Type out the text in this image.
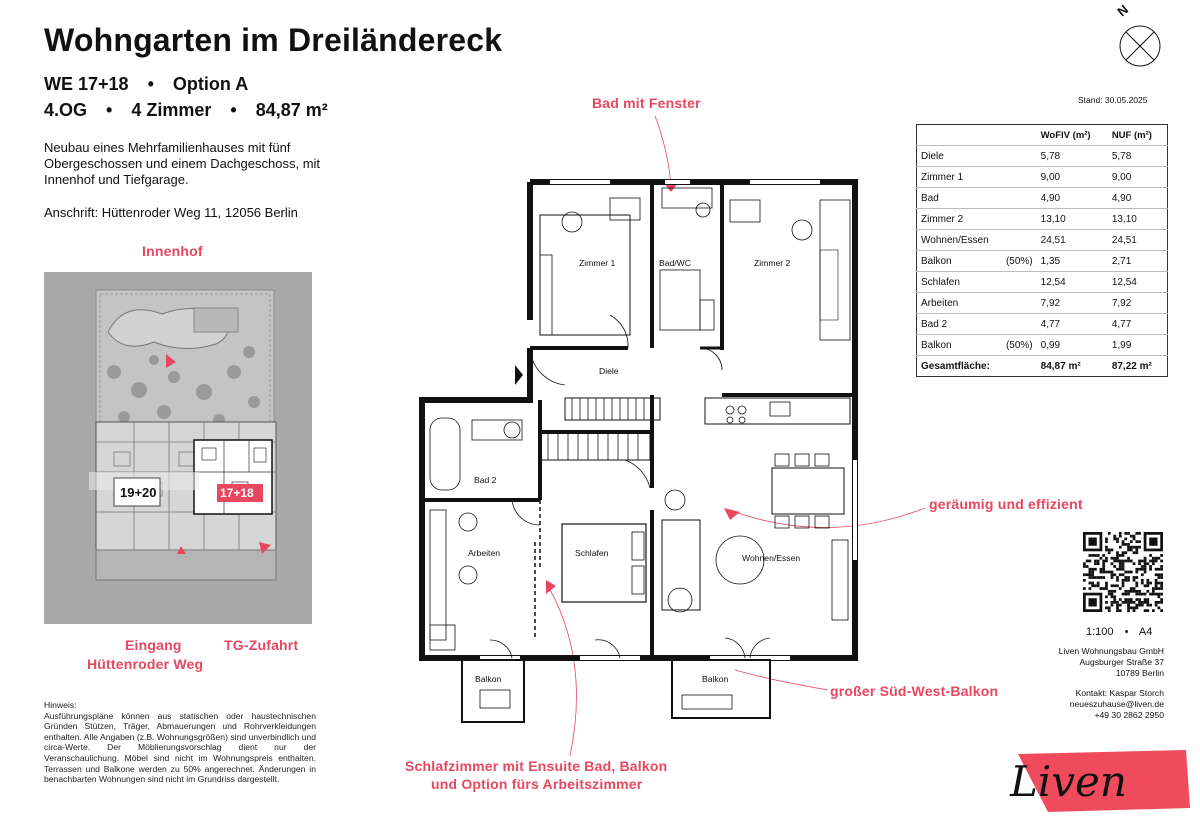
Wohngarten im Dreiländereck
WE 17+18 • Option A
4.OG • 4 Zimmer • 84,87 m²
Neubau eines Mehrfamilienhauses mit fünf Obergeschossen und einem Dachgeschoss, mit Innenhof und Tiefgarage.
Anschrift: Hüttenroder Weg 11, 12056 Berlin
Innenhof
19+20	17+18
Eingang
Hüttenroder Weg
TG-Zufahrt
Hinweis:
Ausführungspläne können aus statischen oder haustechnischen Gründen Stützen, Träger, Abmauerungen und Rohrverkleidungen enthalten. Alle Angaben (z.B. Wohnungsgrößen) sind unverbindlich und circa-Werte. Der Möblierungsvorschlag dient nur der Veranschaulichung. Möbel sind nicht im Wohnungspreis enthalten. Terrassen und Balkone werden zu 50% angerechnet. Änderungen in benachbarten Wohnungen sind nicht im Grundriss dargestellt.
Bad mit Fenster
geräumig und effizient
großer Süd-West-Balkon
Schlafzimmer mit Ensuite Bad, Balkon
und Option fürs Arbeitszimmer
Zimmer 1	Bad/WC	Zimmer 2
Diele
Bad 2
Arbeiten	Schlafen	Wohnen/Essen
Balkon	Balkon
N
Stand: 30.05.2025
		WoFlV (m²)	NUF (m²)
Diele		5,78	5,78
Zimmer 1		9,00	9,00
Bad		4,90	4,90
Zimmer 2		13,10	13,10
Wohnen/Essen		24,51	24,51
Balkon	(50%)	1,35	2,71
Schlafen		12,54	12,54
Arbeiten		7,92	7,92
Bad 2		4,77	4,77
Balkon	(50%)	0,99	1,99
Gesamtfläche:		84,87 m²	87,22 m²
1:100 • A4
Liven Wohnungsbau GmbH
Augsburger Straße 37
10789 Berlin
Kontakt: Kaspar Storch
neueszuhause@liven.de
+49 30 2862 2950
Liven
